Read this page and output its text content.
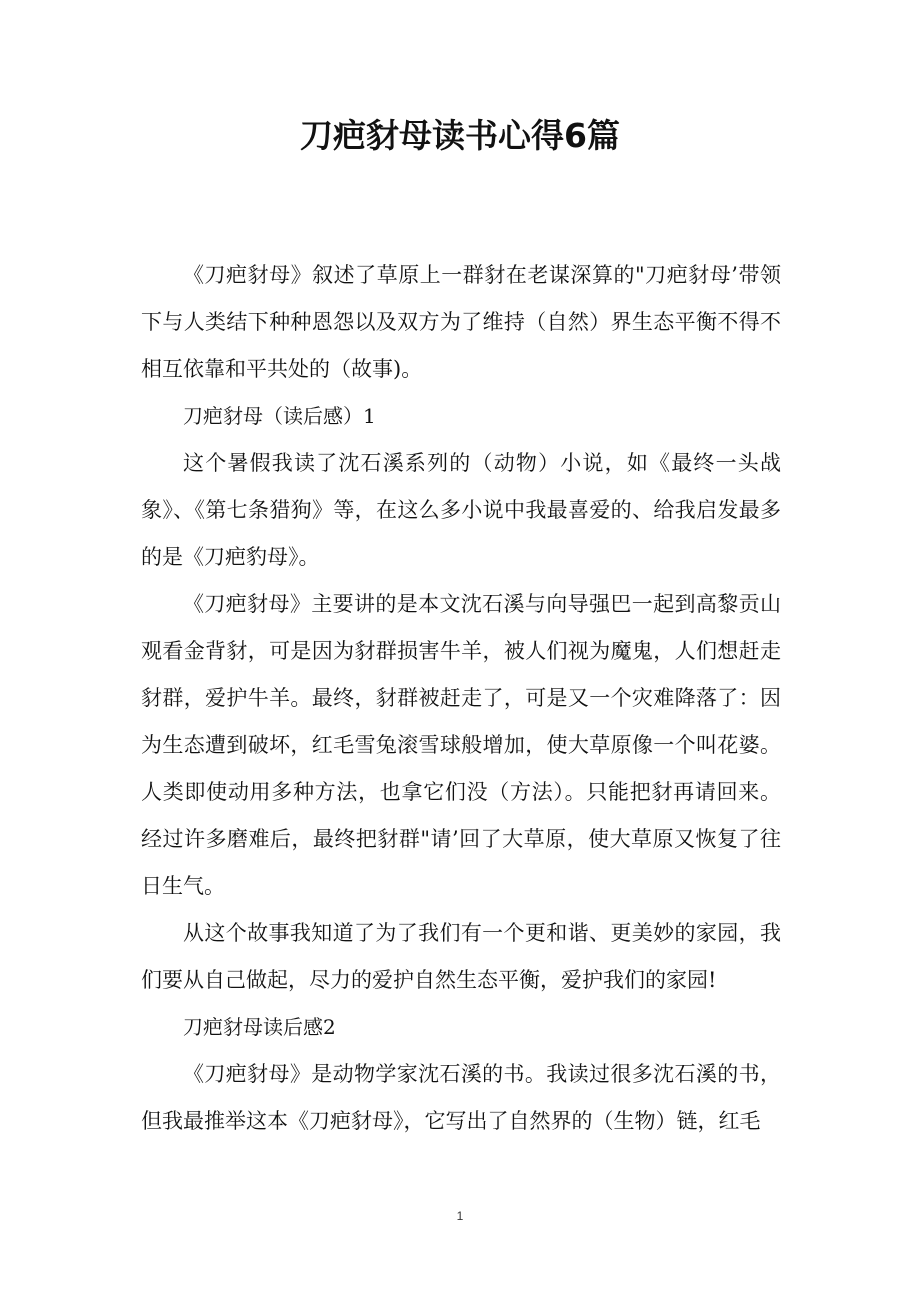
刀疤豺母读书心得6篇

《刀疤豺母》叙述了草原上一群豺在老谋深算的"刀疤豺母’带领下与人类结下种种恩怨以及双方为了维持（自然）界生态平衡不得不相互依靠和平共处的（故事)。

刀疤豺母（读后感）1

这个暑假我读了沈石溪系列的（动物）小说，如《最终一头战象》、《第七条猎狗》等，在这么多小说中我最喜爱的、给我启发最多的是《刀疤豹母》。

《刀疤豺母》主要讲的是本文沈石溪与向导强巴一起到高黎贡山观看金背豺，可是因为豺群损害牛羊，被人们视为魔鬼，人们想赶走豺群，爱护牛羊。最终，豺群被赶走了，可是又一个灾难降落了：因为生态遭到破坏，红毛雪兔滚雪球般增加，使大草原像一个叫花婆。人类即使动用多种方法，也拿它们没（方法）。只能把豺再请回来。经过许多磨难后，最终把豺群"请’回了大草原，使大草原又恢复了往日生气。

从这个故事我知道了为了我们有一个更和谐、更美妙的家园，我们要从自己做起，尽力的爱护自然生态平衡，爱护我们的家园!

刀疤豺母读后感2

《刀疤豺母》是动物学家沈石溪的书。我读过很多沈石溪的书，但我最推举这本《刀疤豺母》，它写出了自然界的（生物）链，红毛

1
